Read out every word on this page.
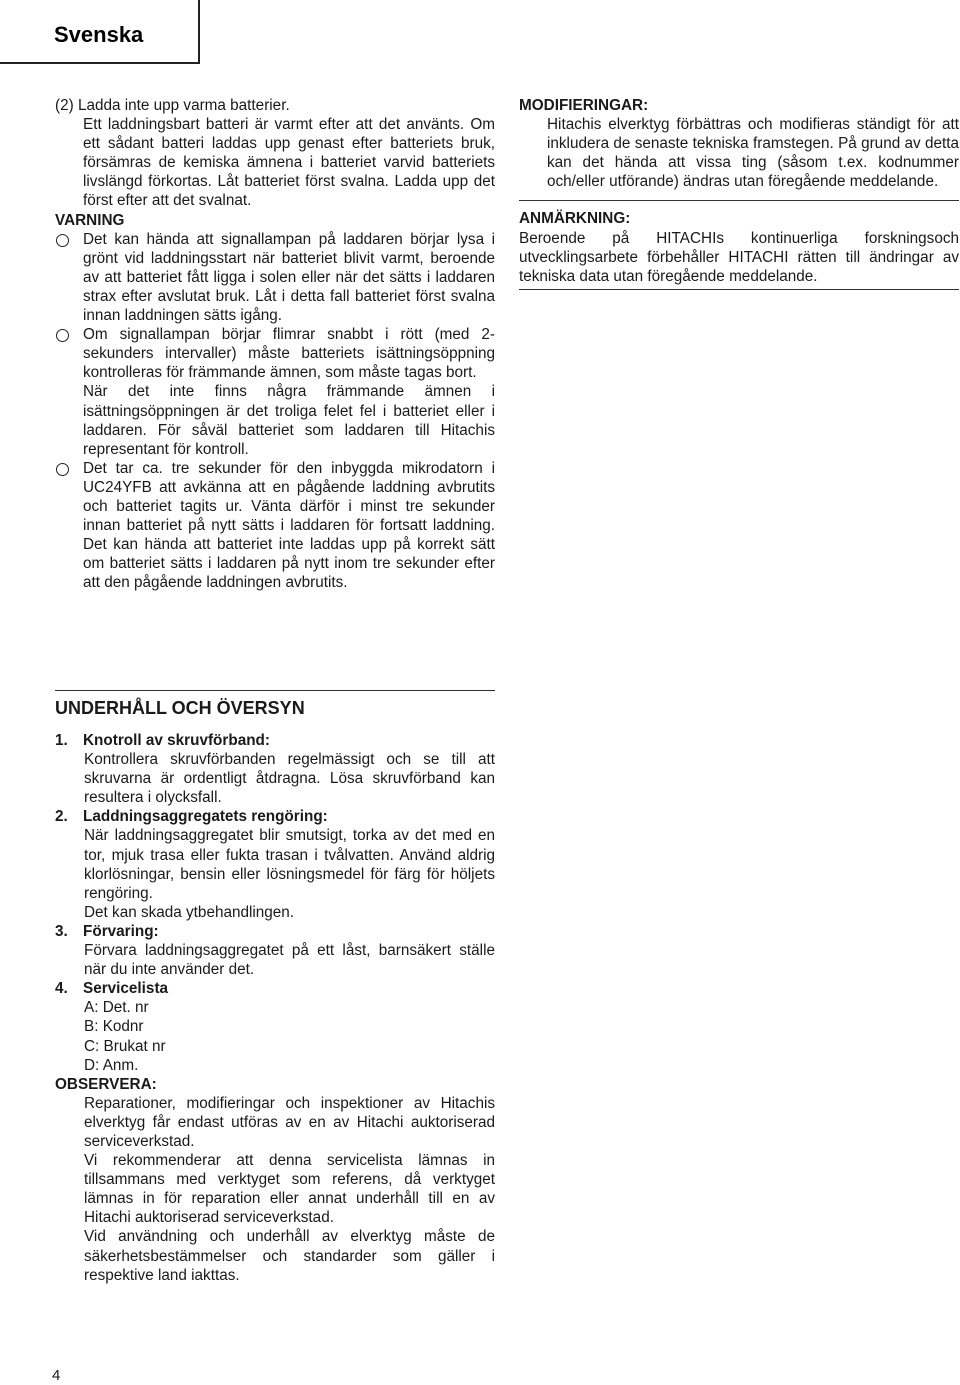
Svenska

(2) Ladda inte upp varma batterier.

Ett laddningsbart batteri är varmt efter att det använts. Om ett sådant batteri laddas upp genast efter batteriets bruk, försämras de kemiska ämnena i batteriet varvid batteriets livslängd förkortas. Låt batteriet först svalna. Ladda upp det först efter att det svalnat.

VARNING

Det kan hända att signallampan på laddaren börjar lysa i grönt vid laddningsstart när batteriet blivit varmt, beroende av att batteriet fått ligga i solen eller när det sätts i laddaren strax efter avslutat bruk. Låt i detta fall batteriet först svalna innan laddningen sätts igång.

Om signallampan börjar flimrar snabbt i rött (med 2- sekunders intervaller) måste batteriets isättningsöppning kontrolleras för främmande ämnen, som måste tagas bort.

När det inte finns några främmande ämnen i isättningsöppningen är det troliga felet fel i batteriet eller i laddaren. För såväl batteriet som laddaren till Hitachis representant för kontroll.

Det tar ca. tre sekunder för den inbyggda mikrodatorn i UC24YFB att avkänna att en pågående laddning avbrutits och batteriet tagits ur. Vänta därför i minst tre sekunder innan batteriet på nytt sätts i laddaren för fortsatt laddning. Det kan hända att batteriet inte laddas upp på korrekt sätt om batteriet sätts i laddaren på nytt inom tre sekunder efter att den pågående laddningen avbrutits.

MODIFIERINGAR:

Hitachis elverktyg förbättras och modifieras ständigt för att inkludera de senaste tekniska framstegen. På grund av detta kan det hända att vissa ting (såsom t.ex. kodnummer och/eller utförande) ändras utan föregående meddelande.

ANMÄRKNING:

Beroende på HITACHIs kontinuerliga forskningsoch utvecklingsarbete förbehåller HITACHI rätten till ändringar av tekniska data utan föregående meddelande.

UNDERHÅLL OCH ÖVERSYN

1. Knotroll av skruvförband:

Kontrollera skruvförbanden regelmässigt och se till att skruvarna är ordentligt åtdragna. Lösa skruvförband kan resultera i olycksfall.

2. Laddningsaggregatets rengöring:

När laddningsaggregatet blir smutsigt, torka av det med en tor, mjuk trasa eller fukta trasan i tvålvatten. Använd aldrig klorlösningar, bensin eller lösningsmedel för färg för höljets rengöring.

Det kan skada ytbehandlingen.

3. Förvaring:

Förvara laddningsaggregatet på ett låst, barnsäkert ställe när du inte använder det.

4. Servicelista

A: Det. nr

B: Kodnr

C: Brukat nr

D: Anm.

OBSERVERA:

Reparationer, modifieringar och inspektioner av Hitachis elverktyg får endast utföras av en av Hitachi auktoriserad serviceverkstad.

Vi rekommenderar att denna servicelista lämnas in tillsammans med verktyget som referens, då verktyget lämnas in för reparation eller annat underhåll till en av Hitachi auktoriserad serviceverkstad.

Vid användning och underhåll av elverktyg måste de säkerhetsbestämmelser och standarder som gäller i respektive land iakttas.

4
